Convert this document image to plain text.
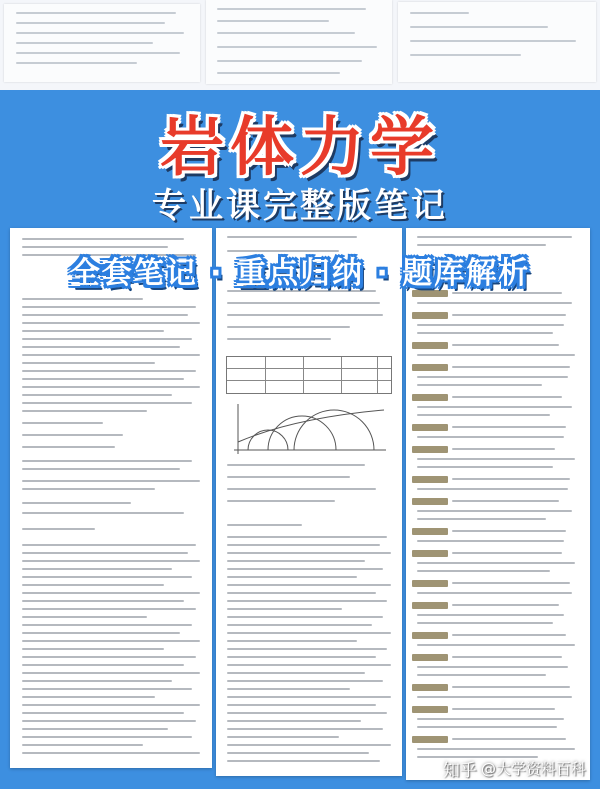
岩体力学
专业课完整版笔记
全套笔记 · 重点归纳 · 题库解析
知乎 @大学资料百科
